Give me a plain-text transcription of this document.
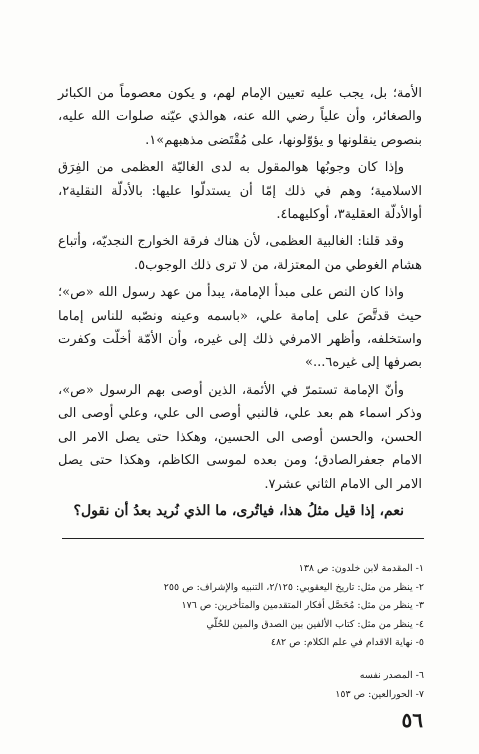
الأمة؛ بل، يجب عليه تعيين الإمام لهم، و يكون معصوماً من الكبائر والصغائر، وأن علياً رضي الله عنه، هوالذي عيّنه صلوات الله عليه، بنصوص ينقلونها و يؤوّلونها، على مُقْتَضى مذهبهم»١.

وإذا كان وجوبُها هوالمقول به لدى الغاليّة العظمى من الفِرَق الاسلامية؛ وهم في ذلك إمّا أن يستدلّوا عليها: بالأدلّة النقلية٢، أوالأدلّة العقلية٣، أوكليهما٤.

وقد قلنا: الغالبية العظمى، لأن هناك فرقة الخوارج النجديّه، وأتباع هشام الغوطي من المعتزلة، من لا ترى ذلك الوجوب٥.

واذا كان النص على مبدأ الإمامة، يبدأ من عهد رسول الله «ص»؛ حيث قدتَّصَ على إمامة علي، «باسمه وعينه ونصّبه للناس إماما واستخلفه، وأظهر الامرفي ذلك إلى غيره، وأن الأمّة أخلّت وكفرت بصرفها إلى غيره٦...»

وأنّ الإمامة تستمرّ في الأئمة، الذين أوصى بهم الرسول «ص»، وذكر اسماء هم بعد علي، فالنبي أوصى الى علي، وعلي أوصى الى الحسن، والحسن أوصى الى الحسين، وهكذا حتى يصل الامر الى الامام جعفرالصادق؛ ومن بعده لموسى الكاظم، وهكذا حتى يصل الامر الى الامام الثاني عشر٧.

نعم، إذا قيل مثلُ هذا، فياتُرى، ما الذي نُريد بعدُ أن نقول؟

١- المقدمة لابن خلدون: ص ١٣٨
٢- ينظر من مثل: تاريخ اليعقوبي: ٢/١٢٥، التنبيه والإشراف: ص ٢٥٥
٣- ينظر من مثل: مُحَصَّل أفكار المتقدمين والمتأخرين: ص ١٧٦
٤- ينظر من مثل: كتاب الألفين بين الصدق والمين للحُلّي
٥- نهاية الاقدام في علم الكلام: ص ٤٨٢
٦- المصدر نفسه
٧- الحورالعين: ص ١٥٣
٥٦
